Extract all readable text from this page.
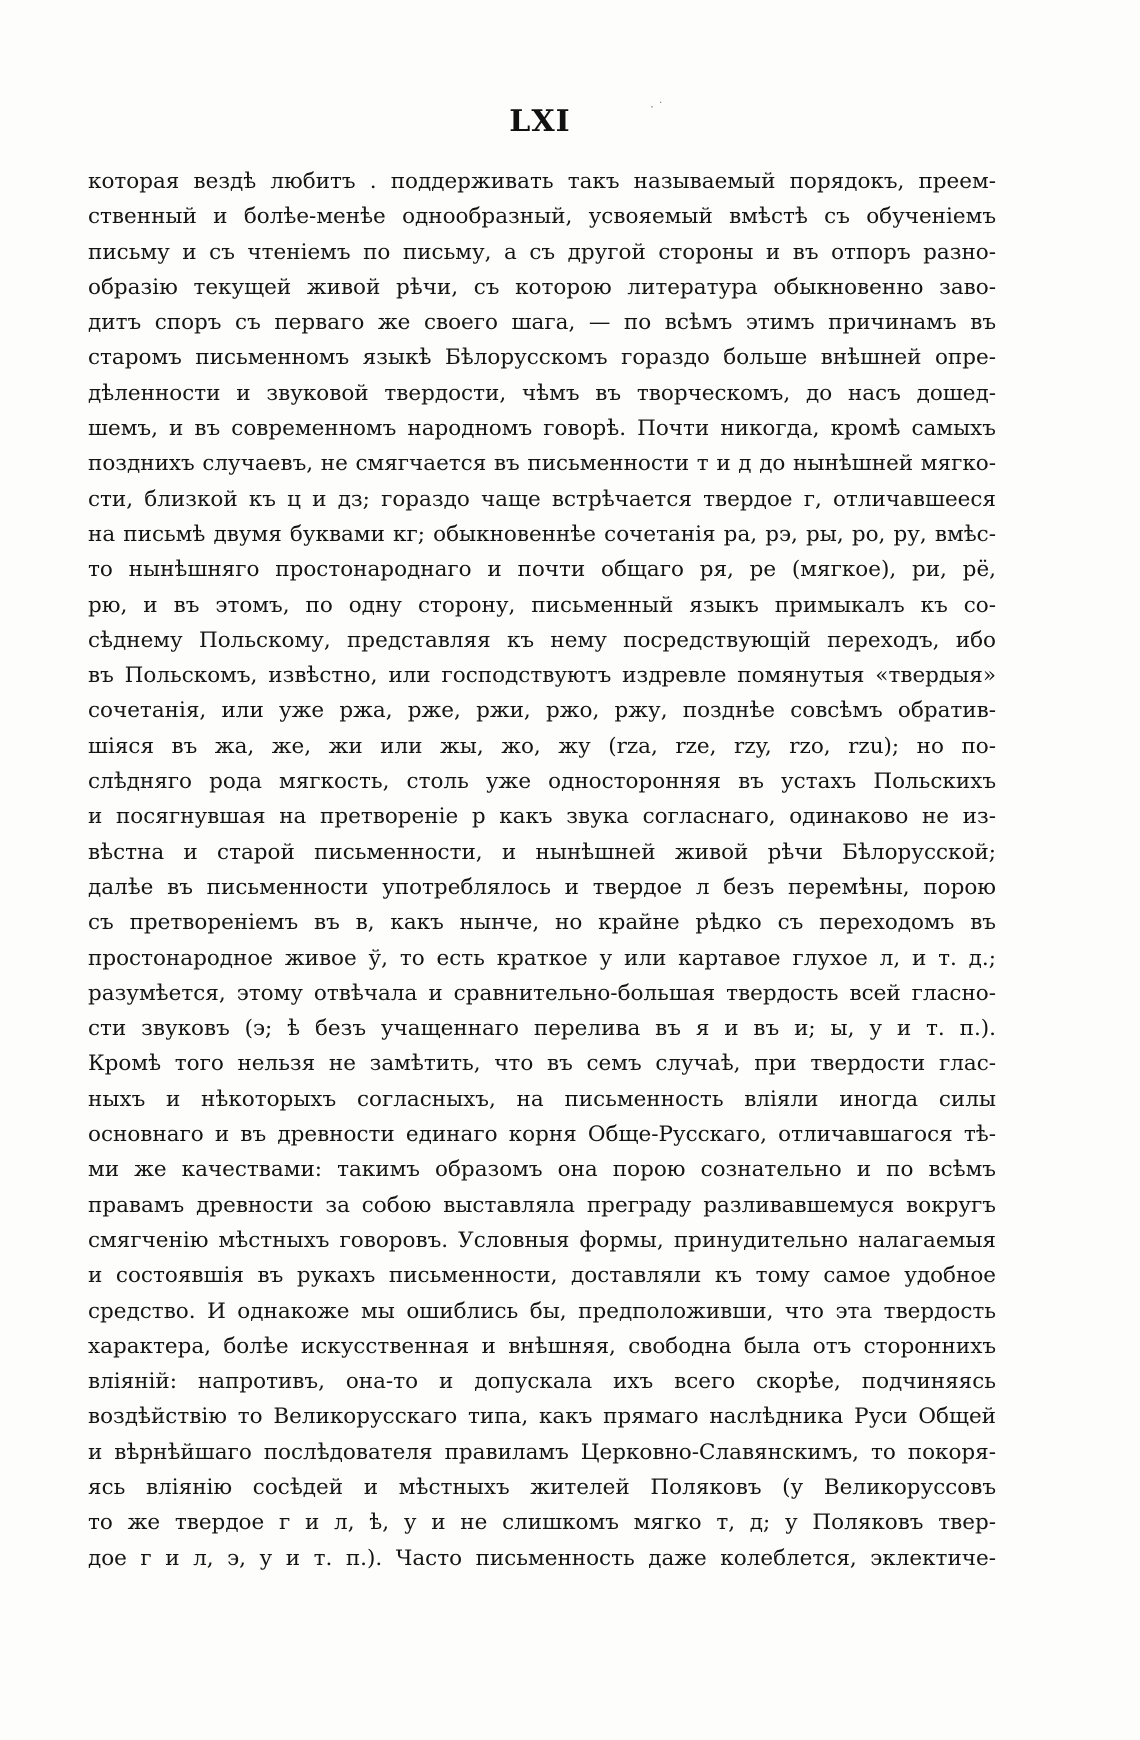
LXI	· ˙
которая вездѣ любитъ . поддерживать такъ называемый порядокъ, преем-
ственный и болѣе-менѣе однообразный, усвояемый вмѣстѣ съ обученіемъ
письму и съ чтеніемъ по письму, а съ другой стороны и въ отпоръ разно-
образію текущей живой рѣчи, съ которою литература обыкновенно заво-
дитъ споръ съ перваго же своего шага, — по всѣмъ этимъ причинамъ въ
старомъ письменномъ языкѣ Бѣлорусскомъ гораздо больше внѣшней опре-
дѣленности и звуковой твердости, чѣмъ въ творческомъ, до насъ дошед-
шемъ, и въ современномъ народномъ говорѣ. Почти никогда, кромѣ самыхъ
позднихъ случаевъ, не смягчается въ письменности т и д до нынѣшней мягко-
сти, близкой къ ц и дз; гораздо чаще встрѣчается твердое г, отличавшееся
на письмѣ двумя буквами кг; обыкновеннѣе сочетанія ра, рэ, ры, ро, ру, вмѣс-
то нынѣшняго простонароднаго и почти общаго ря, ре (мягкое), ри, рё,
рю, и въ этомъ, по одну сторону, письменный языкъ примыкалъ къ со-
сѣднему Польскому, представляя къ нему посредствующій переходъ, ибо
въ Польскомъ, извѣстно, или господствуютъ издревле помянутыя «твердыя»
сочетанія, или уже ржа, рже, ржи, ржо, ржу, позднѣе совсѣмъ обратив-
шіяся въ жа, же, жи или жы, жо, жу (rza, rze, rzy, rzo, rzu); но по-
слѣдняго рода мягкость, столь уже односторонняя въ устахъ Польскихъ
и посягнувшая на претвореніе р какъ звука согласнаго, одинаково не из-
вѣстна и старой письменности, и нынѣшней живой рѣчи Бѣлорусской;
далѣе въ письменности употреблялось и твердое л безъ перемѣны, порою
съ претвореніемъ въ в, какъ нынче, но крайне рѣдко съ переходомъ въ
простонародное живое ў, то есть краткое у или картавое глухое л, и т. д.;
разумѣется, этому отвѣчала и сравнительно-большая твердость всей гласно-
сти звуковъ (э; ѣ безъ учащеннаго перелива въ я и въ и; ы, у и т. п.).
Кромѣ того нельзя не замѣтить, что въ семъ случаѣ, при твердости глас-
ныхъ и нѣкоторыхъ согласныхъ, на письменность вліяли иногда силы
основнаго и въ древности единаго корня Обще-Русскаго, отличавшагося тѣ-
ми же качествами: такимъ образомъ она порою сознательно и по всѣмъ
правамъ древности за собою выставляла преграду разливавшемуся вокругъ
смягченію мѣстныхъ говоровъ. Условныя формы, принудительно налагаемыя
и состоявшія въ рукахъ письменности, доставляли къ тому самое удобное
средство. И однакоже мы ошиблись бы, предположивши, что эта твердость
характера, болѣе искусственная и внѣшняя, свободна была отъ стороннихъ
вліяній: напротивъ, она-то и допускала ихъ всего скорѣе, подчиняясь
воздѣйствію то Великорусскаго типа, какъ прямаго наслѣдника Руси Общей
и вѣрнѣйшаго послѣдователя правиламъ Церковно-Славянскимъ, то покоря-
ясь вліянію сосѣдей и мѣстныхъ жителей Поляковъ (у Великоруссовъ
то же твердое г и л, ѣ, у и не слишкомъ мягко т, д; у Поляковъ твер-
дое г и л, э, у и т. п.). Часто письменность даже колеблется, эклектиче-
